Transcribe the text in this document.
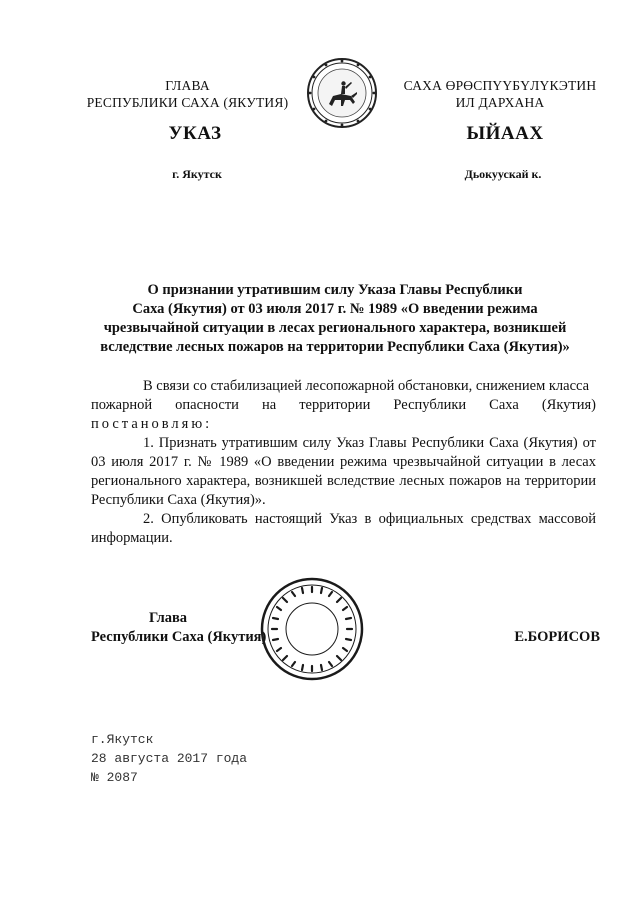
ГЛАВА
РЕСПУБЛИКИ САХА (ЯКУТИЯ)
САХА ӨРӨСПҮҮБҮЛҮКЭТИН
ИЛ ДАРХАНА
УКАЗ	ЫЙААХ
г. Якутск	Дьокуускай к.
О признании утратившим силу Указа Главы Республики
Саха (Якутия) от 03 июля 2017 г. № 1989 «О введении режима
чрезвычайной ситуации в лесах регионального характера, возникшей
вследствие лесных пожаров на территории Республики Саха (Якутия)»

В связи со стабилизацией лесопожарной обстановки, снижением класса

пожарной опасности на территории Республики Саха (Якутия)

постановляю:

1. Признать утратившим силу Указ Главы Республики Саха (Якутия) от 03 июля 2017 г. № 1989 «О введении режима чрезвычайной ситуации в лесах регионального характера, возникшей вследствие лесных пожаров на территории Республики Саха (Якутия)».

2. Опубликовать настоящий Указ в официальных средствах массовой информации.

Глава
Республики Саха (Якутия)	Е.БОРИСОВ
г.Якутск
28 августа 2017 года
№ 2087
